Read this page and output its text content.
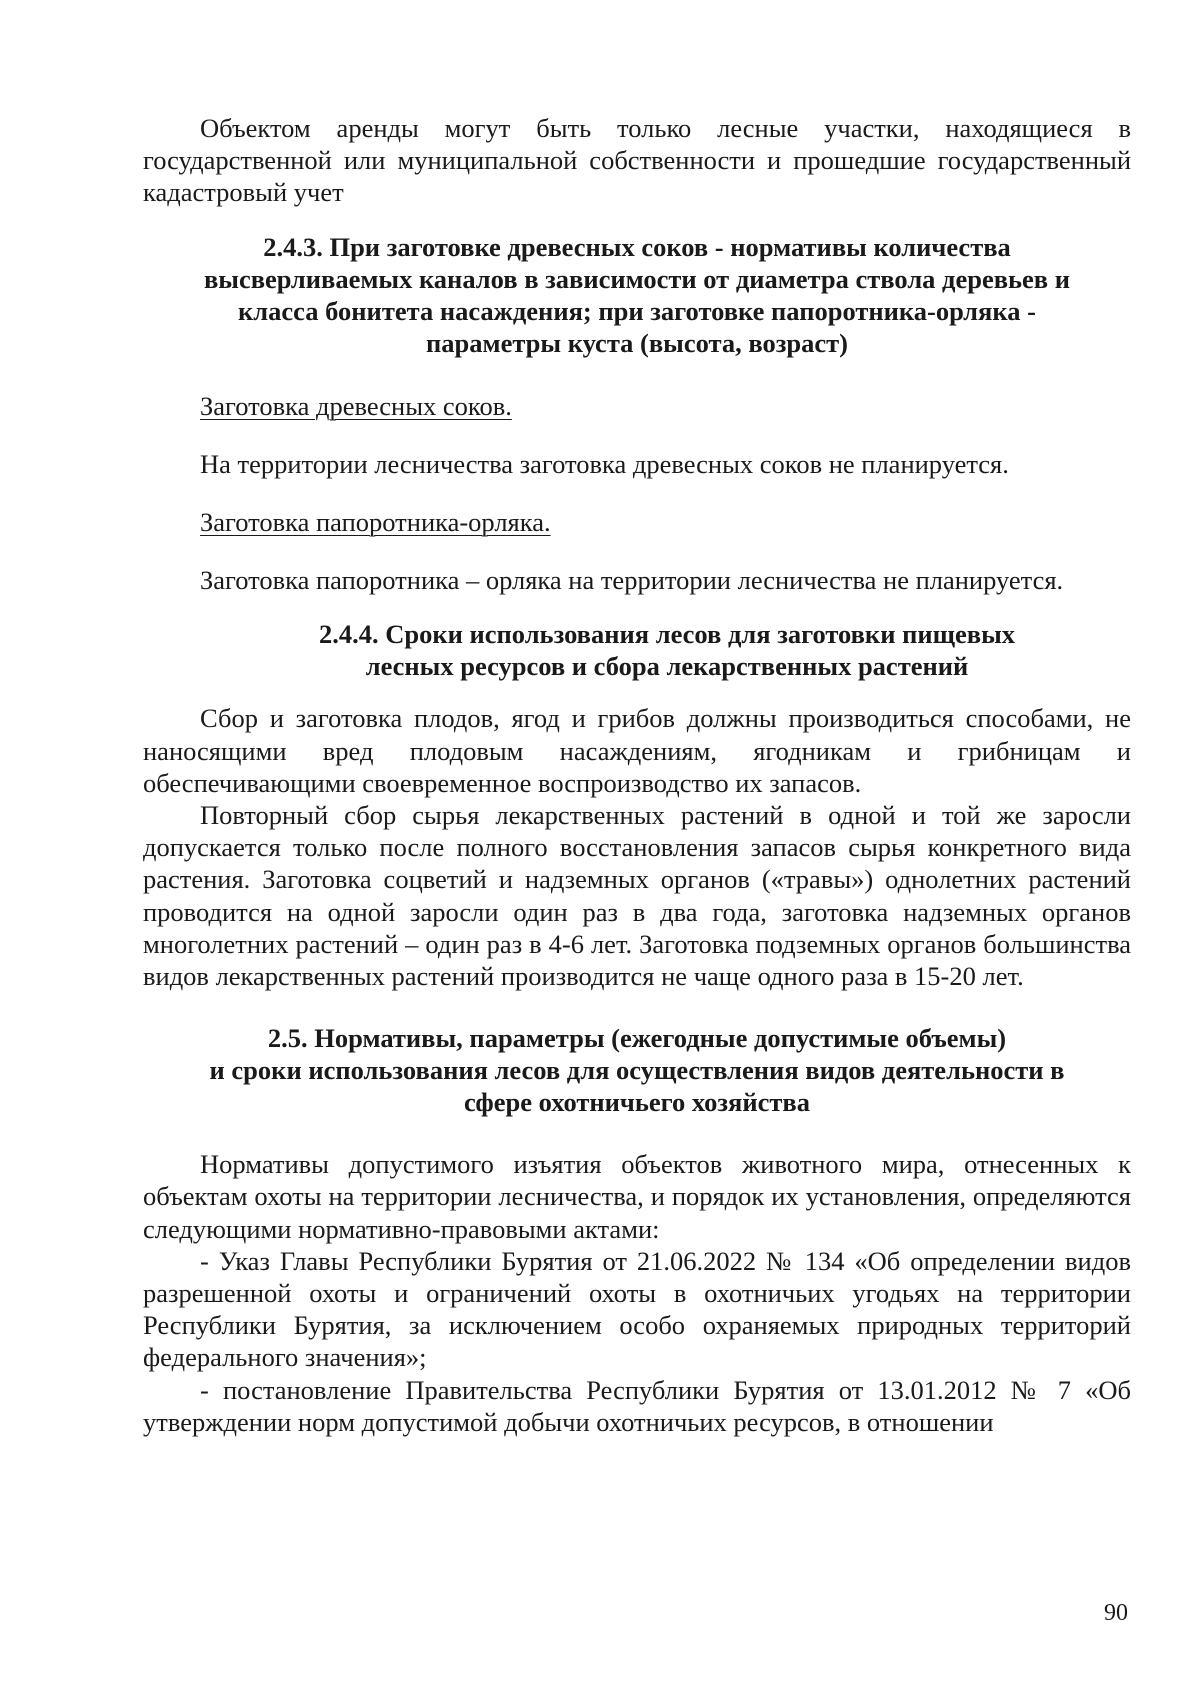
Объектом аренды могут быть только лесные участки, находящиеся в государственной или муниципальной собственности и прошедшие государственный кадастровый учет

2.4.3. При заготовке древесных соков - нормативы количества высверливаемых каналов в зависимости от диаметра ствола деревьев и класса бонитета насаждения; при заготовке папоротника-орляка - параметры куста (высота, возраст)

Заготовка древесных соков.

На территории лесничества заготовка древесных соков не планируется.

Заготовка папоротника-орляка.

Заготовка папоротника – орляка на территории лесничества не планируется.

2.4.4. Сроки использования лесов для заготовки пищевых лесных ресурсов и сбора лекарственных растений

Сбор и заготовка плодов, ягод и грибов должны производиться способами, не наносящими вред плодовым насаждениям, ягодникам и грибницам и обеспечивающими своевременное воспроизводство их запасов.

Повторный сбор сырья лекарственных растений в одной и той же заросли допускается только после полного восстановления запасов сырья конкретного вида растения. Заготовка соцветий и надземных органов («травы») однолетних растений проводится на одной заросли один раз в два года, заготовка надземных органов многолетних растений – один раз в 4-6 лет. Заготовка подземных органов большинства видов лекарственных растений производится не чаще одного раза в 15-20 лет.

2.5. Нормативы, параметры (ежегодные допустимые объемы)

и сроки использования лесов для осуществления видов деятельности в

сфере охотничьего хозяйства

Нормативы допустимого изъятия объектов животного мира, отнесенных к объектам охоты на территории лесничества, и порядок их установления, определяются следующими нормативно-правовыми актами:

- Указ Главы Республики Бурятия от 21.06.2022 № 134 «Об определении видов разрешенной охоты и ограничений охоты в охотничьих угодьях на территории Республики Бурятия, за исключением особо охраняемых природных территорий федерального значения»;

- постановление Правительства Республики Бурятия от 13.01.2012 № 7 «Об утверждении норм допустимой добычи охотничьих ресурсов, в отношении

90
